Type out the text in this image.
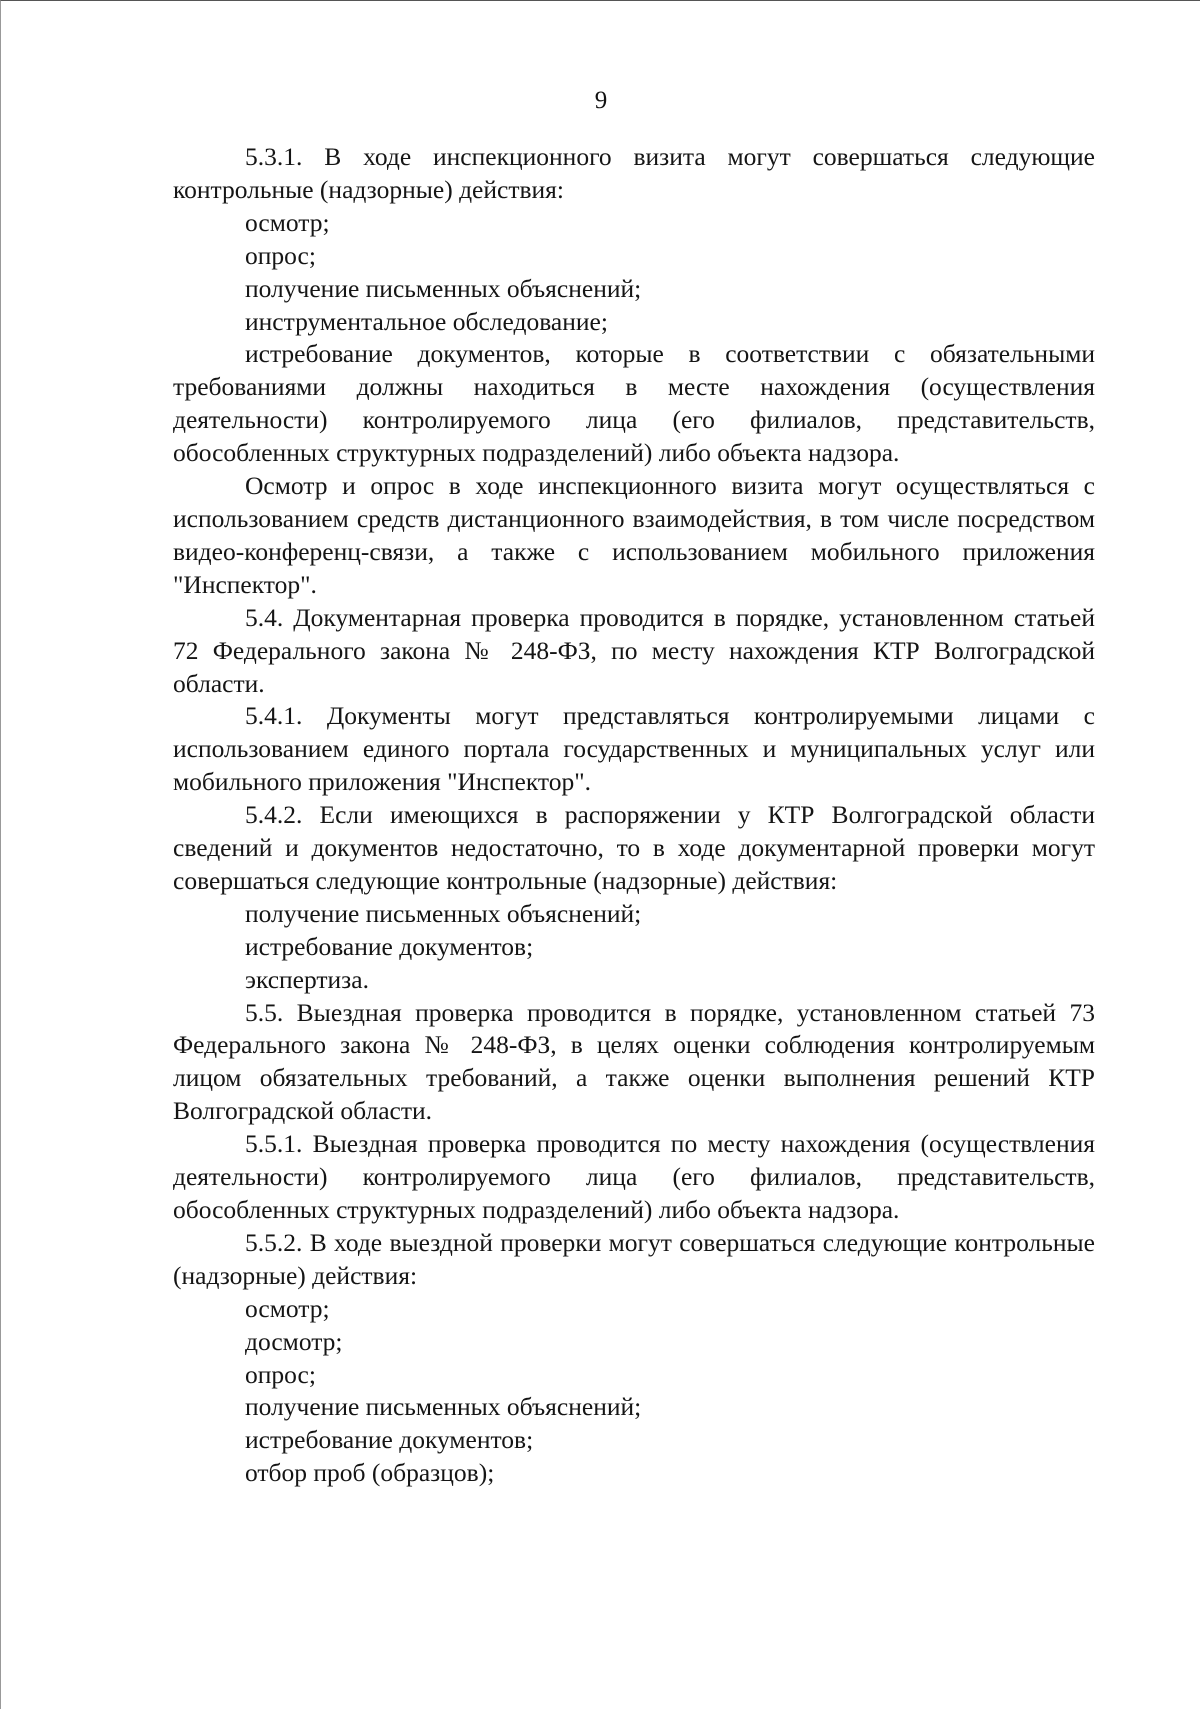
9

5.3.1. В ходе инспекционного визита могут совершаться следующие контрольные (надзорные) действия:

осмотр;

опрос;

получение письменных объяснений;

инструментальное обследование;

истребование документов, которые в соответствии с обязательными требованиями должны находиться в месте нахождения (осуществления деятельности) контролируемого лица (его филиалов, представительств, обособленных структурных подразделений) либо объекта надзора.

Осмотр и опрос в ходе инспекционного визита могут осуществляться с использованием средств дистанционного взаимодействия, в том числе посредством видео-конференц-связи, а также с использованием мобильного приложения "Инспектор".

5.4. Документарная проверка проводится в порядке, установленном статьей 72 Федерального закона № 248-ФЗ, по месту нахождения КТР Волгоградской области.

5.4.1. Документы могут представляться контролируемыми лицами с использованием единого портала государственных и муниципальных услуг или мобильного приложения "Инспектор".

5.4.2. Если имеющихся в распоряжении у КТР Волгоградской области сведений и документов недостаточно, то в ходе документарной проверки могут совершаться следующие контрольные (надзорные) действия:

получение письменных объяснений;

истребование документов;

экспертиза.

5.5. Выездная проверка проводится в порядке, установленном статьей 73 Федерального закона № 248-ФЗ, в целях оценки соблюдения контролируемым лицом обязательных требований, а также оценки выполнения решений КТР Волгоградской области.

5.5.1. Выездная проверка проводится по месту нахождения (осуществления деятельности) контролируемого лица (его филиалов, представительств, обособленных структурных подразделений) либо объекта надзора.

5.5.2. В ходе выездной проверки могут совершаться следующие контрольные (надзорные) действия:

осмотр;

досмотр;

опрос;

получение письменных объяснений;

истребование документов;

отбор проб (образцов);
